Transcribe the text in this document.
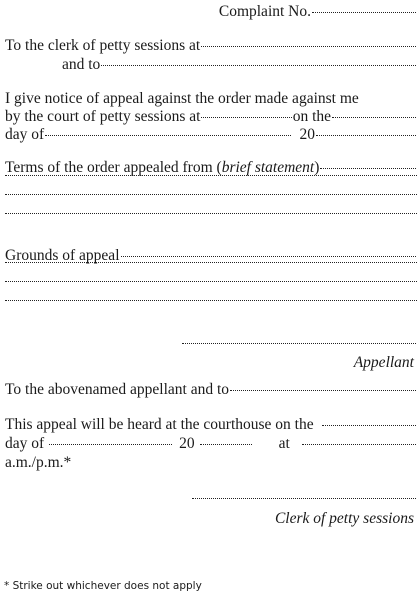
Complaint No.
To the clerk of petty sessions at
and to
I give notice of appeal against the order made against me
by the court of petty sessions at	on the
day of	20
Terms of the order appealed from (brief statement)
Grounds of appeal
Appellant
To the abovenamed appellant and to
This appeal will be heard at the courthouse on the
day of	20	at
a.m./p.m.*
Clerk of petty sessions
* Strike out whichever does not apply
